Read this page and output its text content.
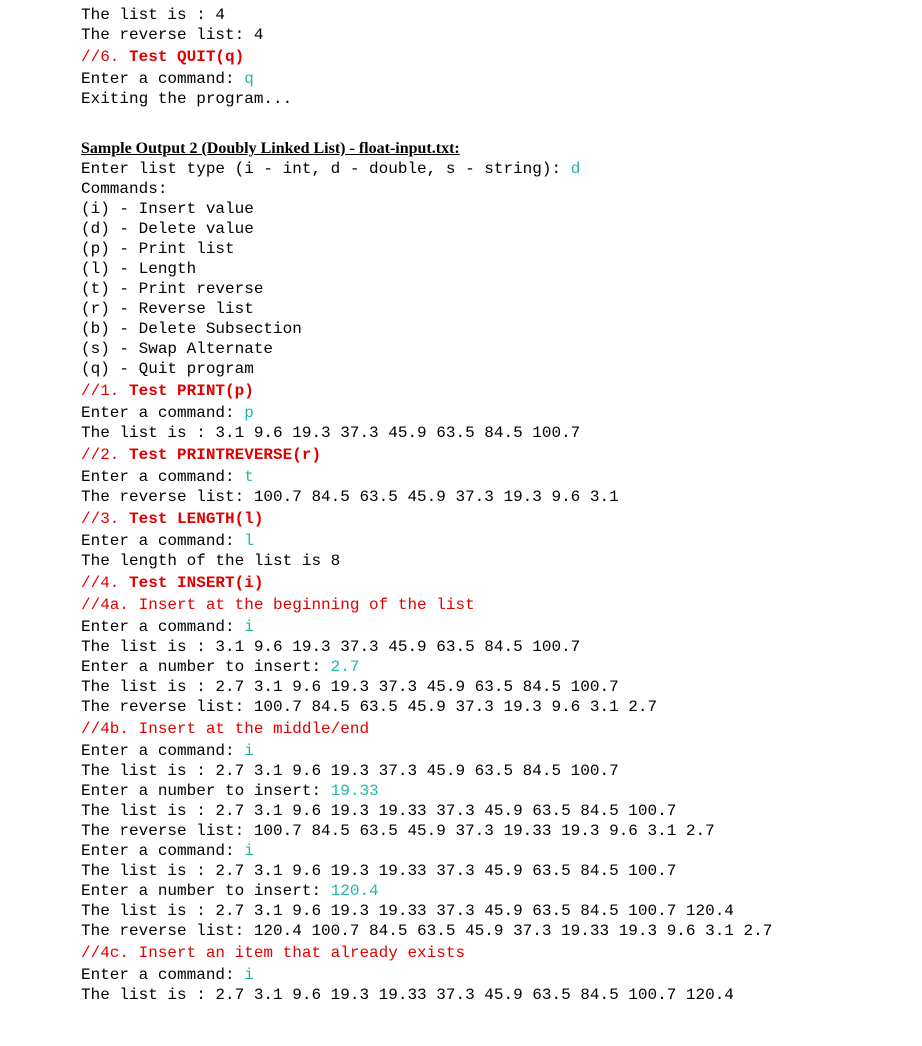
The list is : 4
The reverse list: 4
//6. Test QUIT(q)
Enter a command: q
Exiting the program...
Sample Output 2 (Doubly Linked List) - float-input.txt:
Enter list type (i - int, d - double, s - string): d
Commands:
(i) - Insert value
(d) - Delete value
(p) - Print list
(l) - Length
(t) - Print reverse
(r) - Reverse list
(b) - Delete Subsection
(s) - Swap Alternate
(q) - Quit program
//1. Test PRINT(p)
Enter a command: p
The list is : 3.1 9.6 19.3 37.3 45.9 63.5 84.5 100.7
//2. Test PRINTREVERSE(r)
Enter a command: t
The reverse list: 100.7 84.5 63.5 45.9 37.3 19.3 9.6 3.1
//3. Test LENGTH(l)
Enter a command: l
The length of the list is 8
//4. Test INSERT(i)
//4a. Insert at the beginning of the list
Enter a command: i
The list is : 3.1 9.6 19.3 37.3 45.9 63.5 84.5 100.7
Enter a number to insert: 2.7
The list is : 2.7 3.1 9.6 19.3 37.3 45.9 63.5 84.5 100.7
The reverse list: 100.7 84.5 63.5 45.9 37.3 19.3 9.6 3.1 2.7
//4b. Insert at the middle/end
Enter a command: i
The list is : 2.7 3.1 9.6 19.3 37.3 45.9 63.5 84.5 100.7
Enter a number to insert: 19.33
The list is : 2.7 3.1 9.6 19.3 19.33 37.3 45.9 63.5 84.5 100.7
The reverse list: 100.7 84.5 63.5 45.9 37.3 19.33 19.3 9.6 3.1 2.7
Enter a command: i
The list is : 2.7 3.1 9.6 19.3 19.33 37.3 45.9 63.5 84.5 100.7
Enter a number to insert: 120.4
The list is : 2.7 3.1 9.6 19.3 19.33 37.3 45.9 63.5 84.5 100.7 120.4
The reverse list: 120.4 100.7 84.5 63.5 45.9 37.3 19.33 19.3 9.6 3.1 2.7
//4c. Insert an item that already exists
Enter a command: i
The list is : 2.7 3.1 9.6 19.3 19.33 37.3 45.9 63.5 84.5 100.7 120.4
